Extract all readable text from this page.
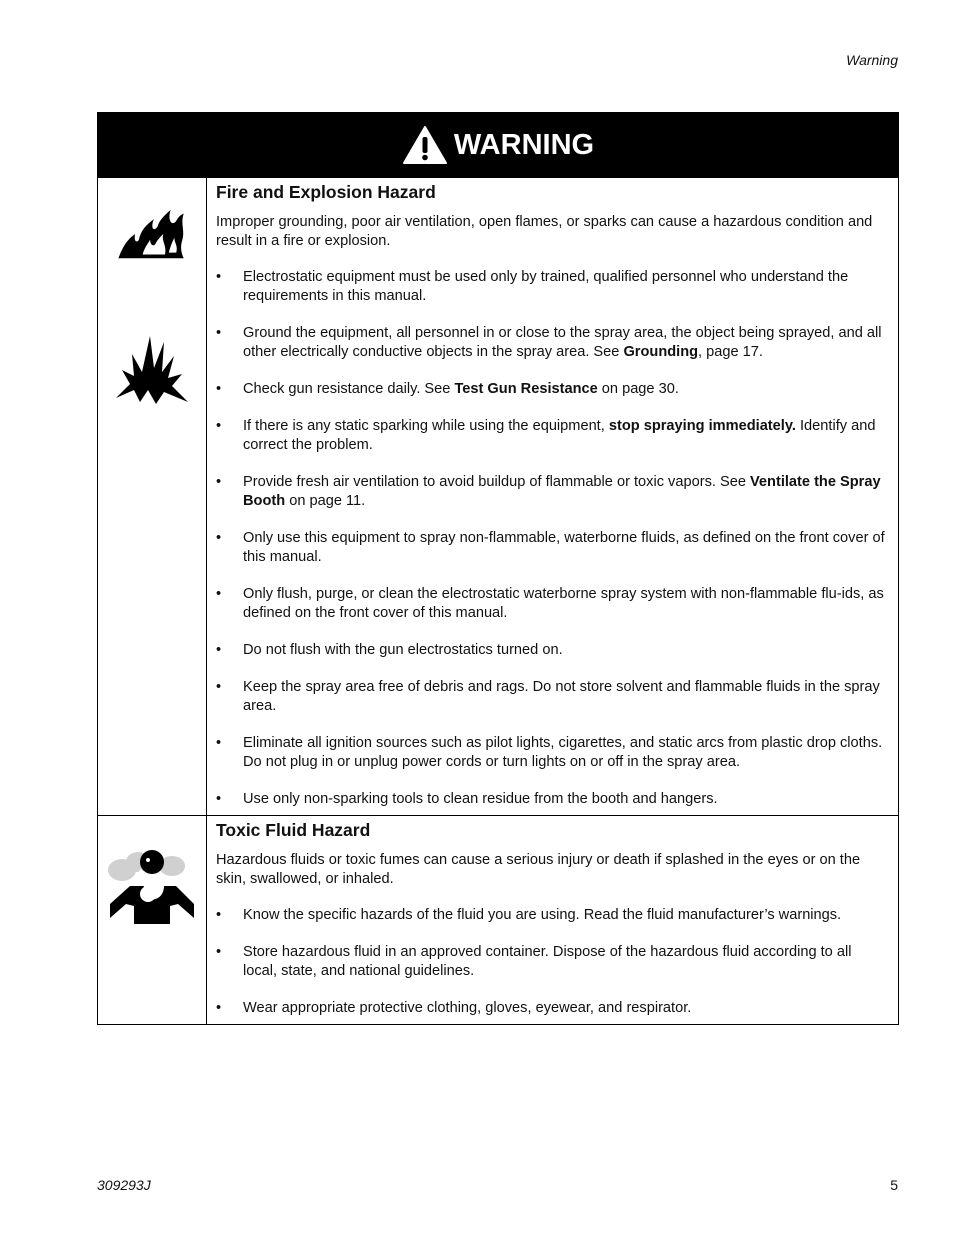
Warning
WARNING
Fire and Explosion Hazard

Improper grounding, poor air ventilation, open flames, or sparks can cause a hazardous condition and result in a fire or explosion.

• Electrostatic equipment must be used only by trained, qualified personnel who understand the requirements in this manual.
• Ground the equipment, all personnel in or close to the spray area, the object being sprayed, and all other electrically conductive objects in the spray area. See Grounding, page 17.
• Check gun resistance daily. See Test Gun Resistance on page 30.
• If there is any static sparking while using the equipment, stop spraying immediately. Identify and correct the problem.
• Provide fresh air ventilation to avoid buildup of flammable or toxic vapors. See Ventilate the Spray Booth on page 11.
• Only use this equipment to spray non-flammable, waterborne fluids, as defined on the front cover of this manual.
• Only flush, purge, or clean the electrostatic waterborne spray system with non-flammable flu-ids, as defined on the front cover of this manual.
• Do not flush with the gun electrostatics turned on.
• Keep the spray area free of debris and rags. Do not store solvent and flammable fluids in the spray area.
• Eliminate all ignition sources such as pilot lights, cigarettes, and static arcs from plastic drop cloths. Do not plug in or unplug power cords or turn lights on or off in the spray area.
• Use only non-sparking tools to clean residue from the booth and hangers.
Toxic Fluid Hazard

Hazardous fluids or toxic fumes can cause a serious injury or death if splashed in the eyes or on the skin, swallowed, or inhaled.

• Know the specific hazards of the fluid you are using. Read the fluid manufacturer’s warnings.
• Store hazardous fluid in an approved container. Dispose of the hazardous fluid according to all local, state, and national guidelines.
• Wear appropriate protective clothing, gloves, eyewear, and respirator.
309293J	5
